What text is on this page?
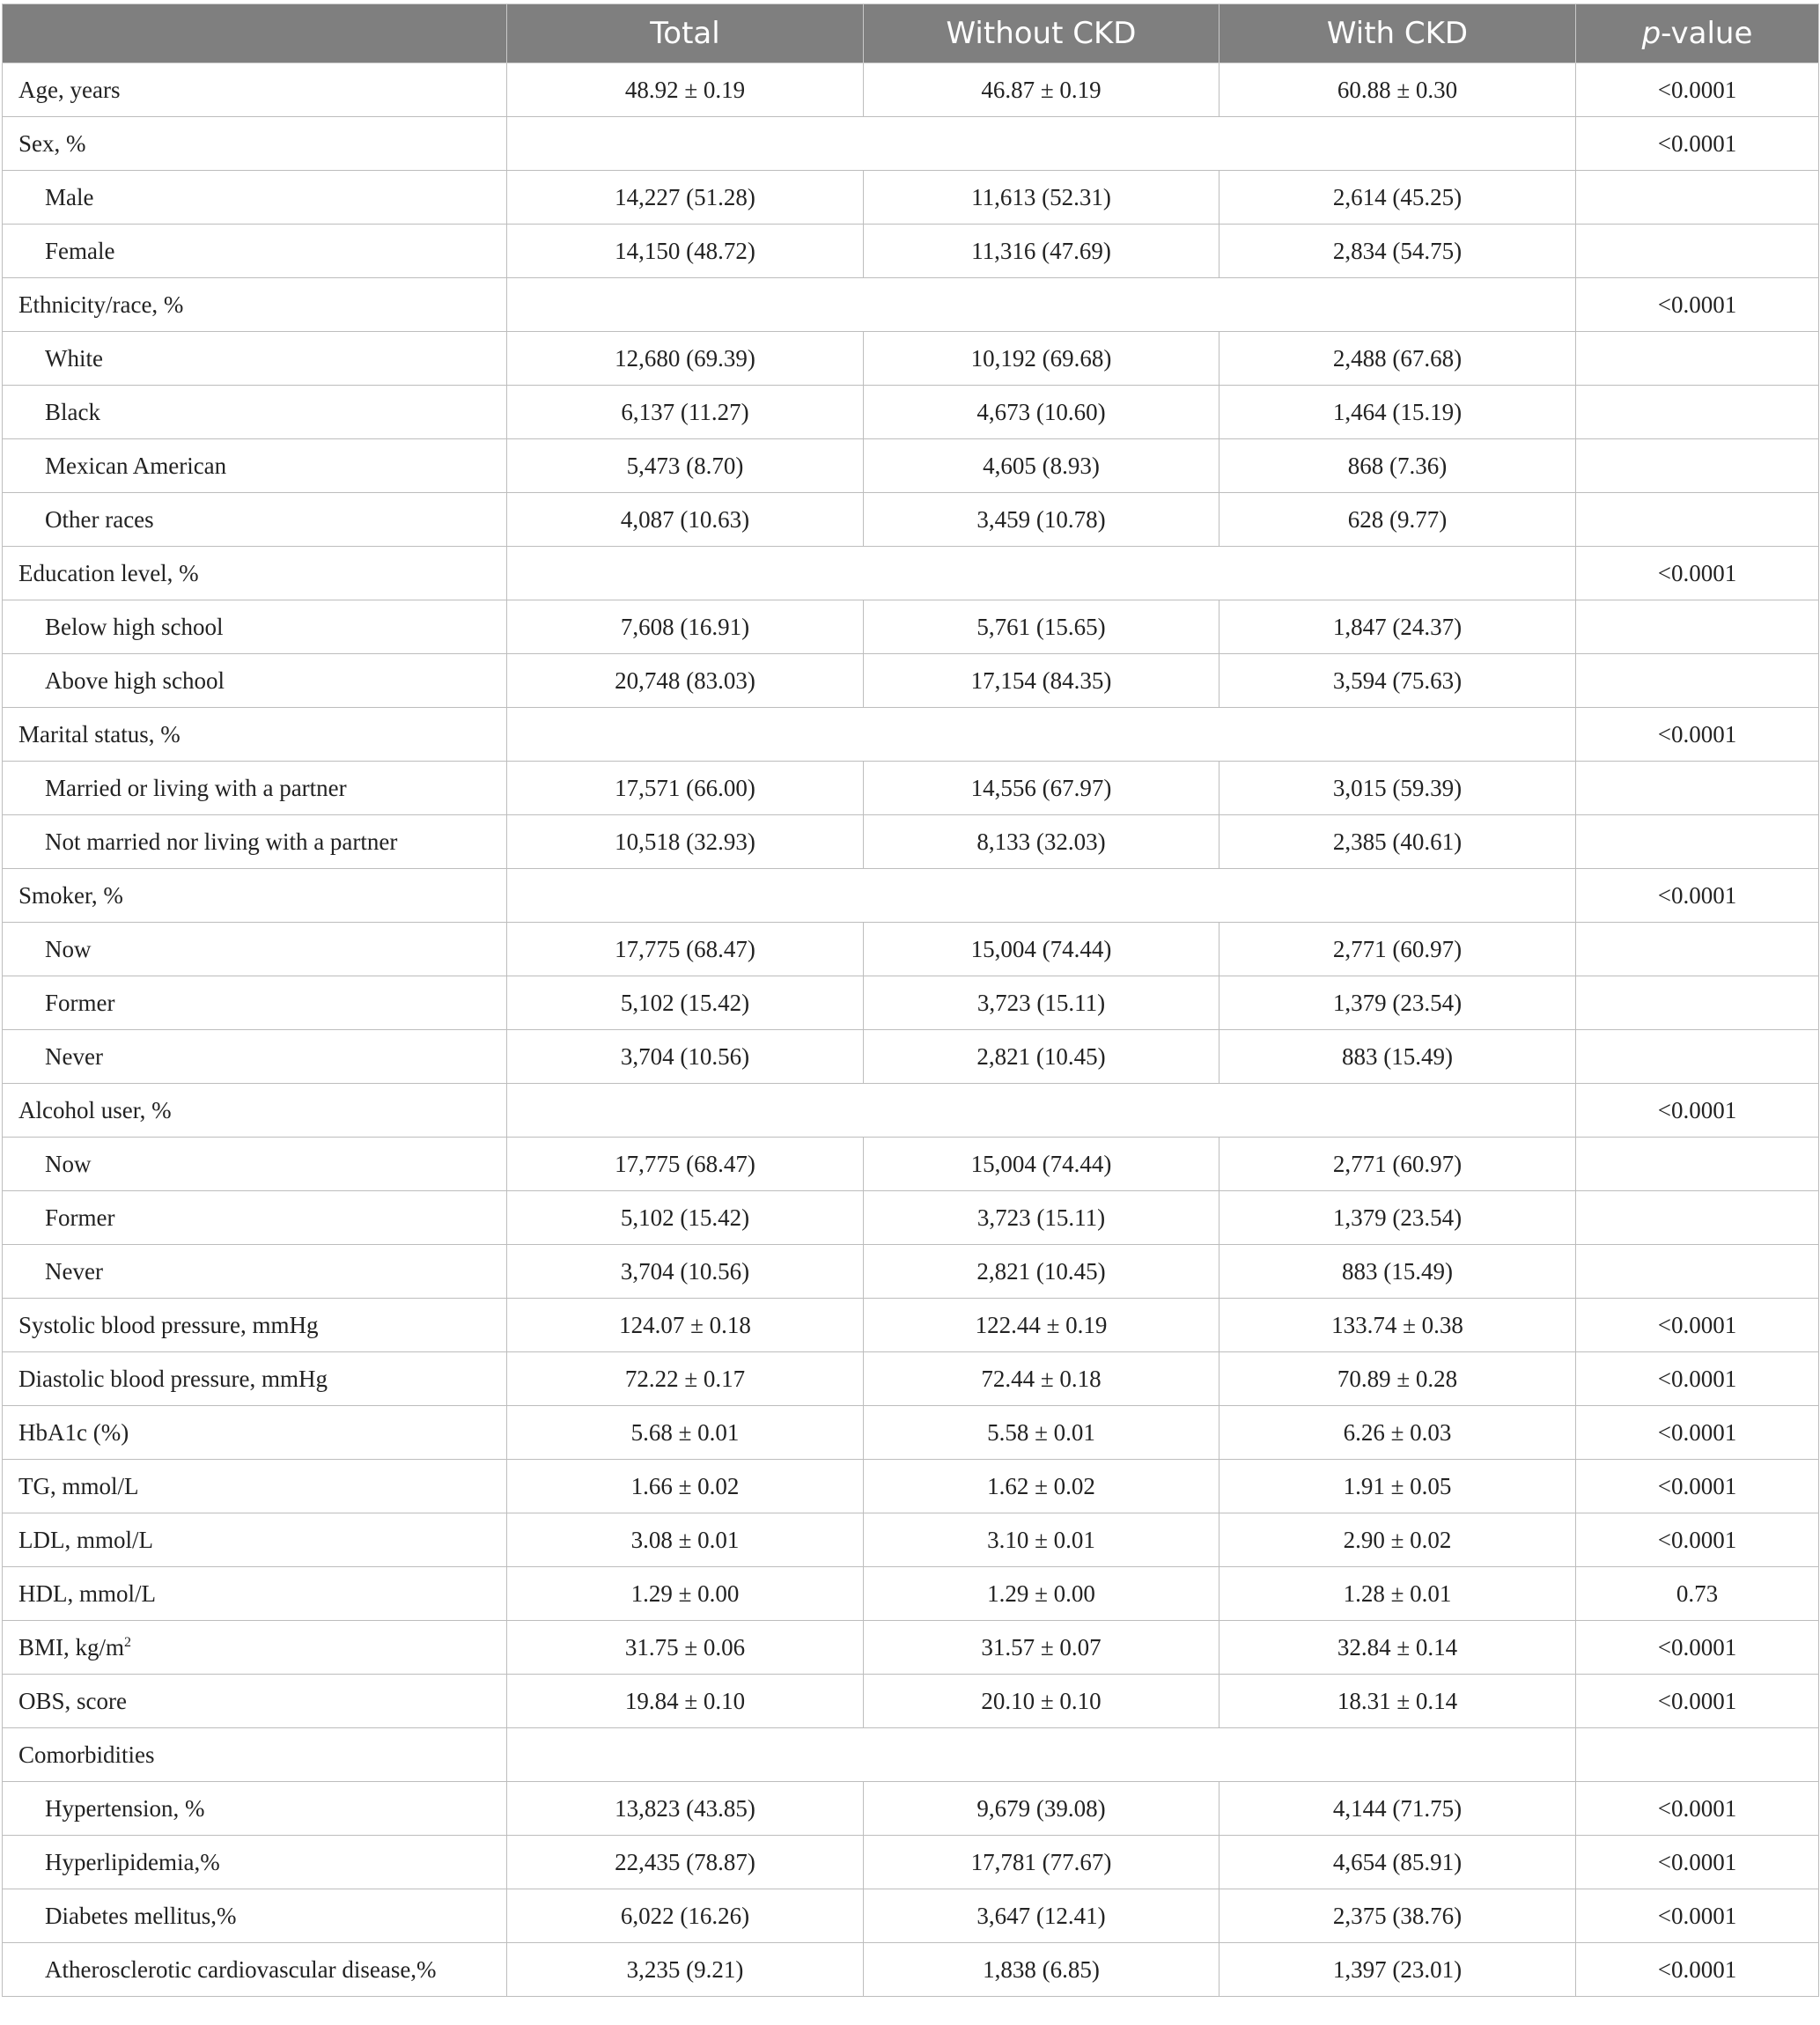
	Total	Without CKD	With CKD	p-value
Age, years	48.92 ± 0.19	46.87 ± 0.19	60.88 ± 0.30	<0.0001
Sex, %				<0.0001
Male	14,227 (51.28)	11,613 (52.31)	2,614 (45.25)	
Female	14,150 (48.72)	11,316 (47.69)	2,834 (54.75)	
Ethnicity/race, %				<0.0001
White	12,680 (69.39)	10,192 (69.68)	2,488 (67.68)	
Black	6,137 (11.27)	4,673 (10.60)	1,464 (15.19)	
Mexican American	5,473 (8.70)	4,605 (8.93)	868 (7.36)	
Other races	4,087 (10.63)	3,459 (10.78)	628 (9.77)	
Education level, %				<0.0001
Below high school	7,608 (16.91)	5,761 (15.65)	1,847 (24.37)	
Above high school	20,748 (83.03)	17,154 (84.35)	3,594 (75.63)	
Marital status, %				<0.0001
Married or living with a partner	17,571 (66.00)	14,556 (67.97)	3,015 (59.39)	
Not married nor living with a partner	10,518 (32.93)	8,133 (32.03)	2,385 (40.61)	
Smoker, %				<0.0001
Now	17,775 (68.47)	15,004 (74.44)	2,771 (60.97)	
Former	5,102 (15.42)	3,723 (15.11)	1,379 (23.54)	
Never	3,704 (10.56)	2,821 (10.45)	883 (15.49)	
Alcohol user, %				<0.0001
Now	17,775 (68.47)	15,004 (74.44)	2,771 (60.97)	
Former	5,102 (15.42)	3,723 (15.11)	1,379 (23.54)	
Never	3,704 (10.56)	2,821 (10.45)	883 (15.49)	
Systolic blood pressure, mmHg	124.07 ± 0.18	122.44 ± 0.19	133.74 ± 0.38	<0.0001
Diastolic blood pressure, mmHg	72.22 ± 0.17	72.44 ± 0.18	70.89 ± 0.28	<0.0001
HbA1c (%)	5.68 ± 0.01	5.58 ± 0.01	6.26 ± 0.03	<0.0001
TG, mmol/L	1.66 ± 0.02	1.62 ± 0.02	1.91 ± 0.05	<0.0001
LDL, mmol/L	3.08 ± 0.01	3.10 ± 0.01	2.90 ± 0.02	<0.0001
HDL, mmol/L	1.29 ± 0.00	1.29 ± 0.00	1.28 ± 0.01	0.73
BMI, $kg/m^2$	31.75 ± 0.06	31.57 ± 0.07	32.84 ± 0.14	<0.0001
OBS, score	19.84 ± 0.10	20.10 ± 0.10	18.31 ± 0.14	<0.0001
Comorbidities				
Hypertension, %	13,823 (43.85)	9,679 (39.08)	4,144 (71.75)	<0.0001
Hyperlipidemia,%	22,435 (78.87)	17,781 (77.67)	4,654 (85.91)	<0.0001
Diabetes mellitus,%	6,022 (16.26)	3,647 (12.41)	2,375 (38.76)	<0.0001
Atherosclerotic cardiovascular disease,%	3,235 (9.21)	1,838 (6.85)	1,397 (23.01)	<0.0001
